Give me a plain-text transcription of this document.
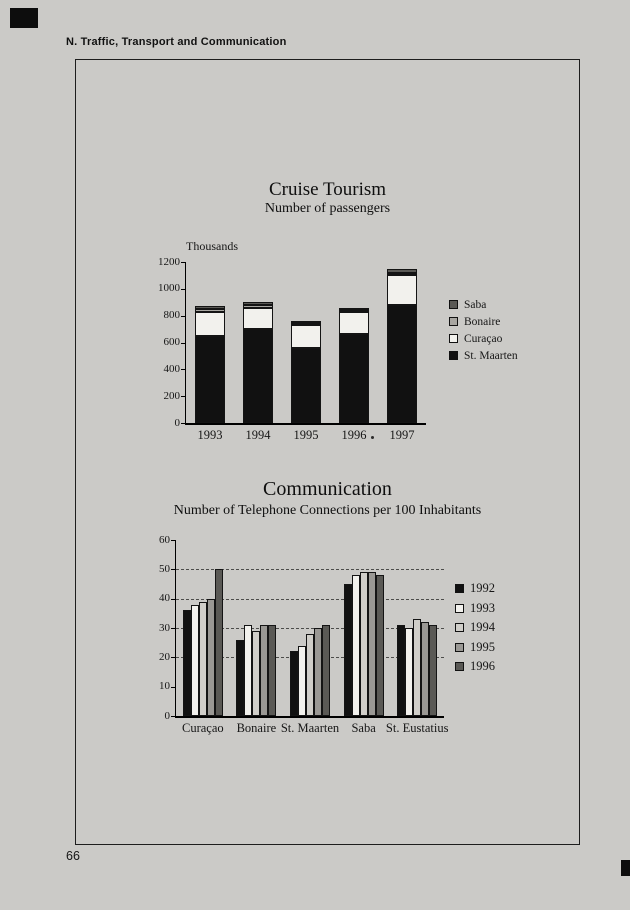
N. Traffic, Transport and Communication
Cruise Tourism
Number of passengers
Thousands
0
200
400
600
800
1000
1200
1993	1994	1995	1996	1997
Saba
Bonaire
Curaçao
St. Maarten
Communication
Number of Telephone Connections per 100 Inhabitants
0
10
20
30
40
50
60
Curaçao	Bonaire St. Maarten Saba St. Eustatius
1992
1993
1994
1995
1996
66
